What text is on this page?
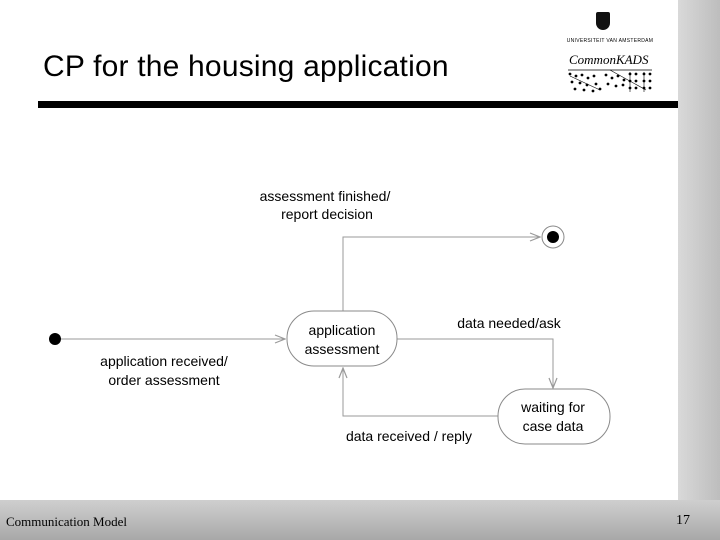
CP for the housing application
UNIVERSITEIT VAN AMSTERDAM
CommonKADS
application
assessment
waiting for
case data
assessment finished/
report decision
data needed/ask
application received/
order assessment
data received / reply
Communication Model	17
